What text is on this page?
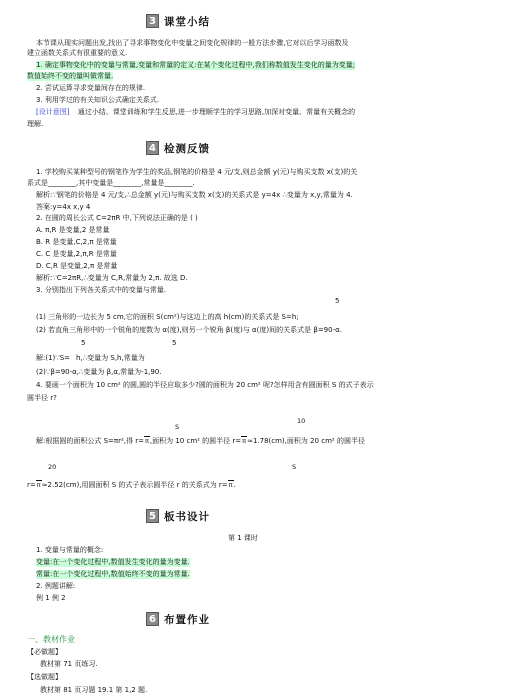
3 课堂小结
本节课从现实问题出发,找出了寻求事物变化中变量之间变化规律的一般方法步骤,它对以后学习函数及
建立函数关系式有很重要的意义.
1. 确定事物变化中的变量与常量,变量和常量的定义:在某个变化过程中,我们称数值发生变化的量为变量;
数值始终不变的量叫做常量.
2. 尝试运算寻求变量间存在的规律.
3. 利用学过的有关知识公式确定关系式.
[设计意图] 通过小结、课堂训练和学生反思,进一步理顺学生的学习思路,加深对变量、常量有关概念的
理解.
4 检测反馈
1. 学校购买某种型号的钢笔作为学生的奖品,钢笔的价格是 4 元/支,则总金额 y(元)与购买支数 x(支)的关
系式是________,其中变量是________,常量是________.
解析:∵钢笔的价格是 4 元/支,∴总金额 y(元)与购买支数 x(支)的关系式是 y=4x ∴变量为 x,y,常量为 4.
答案:y=4x x,y 4
2. 在圆的周长公式 C=2πR 中,下列说法正确的是 ( )
A. π,R 是变量,2 是常量
B. R 是变量,C,2,π 是常量
C. C 是变量,2,π,R 是常量
D. C,R 是变量,2,π 是常量
解析:∵C=2πR,∴变量为 C,R,常量为 2,π. 故选 D.
3. 分别指出下列各关系式中的变量与常量.
5
(1) 三角形的一边长为 5 cm,它的面积 S(cm²)与这边上的高 h(cm)的关系式是 S=h;
(2) 若直角三角形中的一个锐角的度数为 α(度),则另一个锐角 β(度)与 α(度)间的关系式是 β=90-α.
5	5
解:(1)∵S= h,∴变量为 S,h,常量为
(2)∵β=90-α,∴变量为 β,α,常量为-1,90.
4. 要画一个面积为 10 cm² 的圆,圆的半径应取多少?圆的面积为 20 cm² 呢?怎样用含有圆面积 S 的式子表示
圆半径 r?
S
10
解:根据圆的面积公式 S=πr²,得 r= π ,面积为 10 cm² 的圆半径 r= π ≈1.78(cm),面积为 20 cm² 的圆半径
20	S
r= π ≈2.52(cm),用圆面积 S 的式子表示圆半径 r 的关系式为 r= π .
5 板书设计
第 1 课时
1. 变量与常量的概念:
变量:在一个变化过程中,数值发生变化的量为变量.
常量:在一个变化过程中,数值始终不变的量为常量.
2. 例题讲解:
例 1 例 2
6 布置作业
一、教材作业
【必做题】
教材第 71 页练习.
【选做题】
教材第 81 页习题 19.1 第 1,2 题.
